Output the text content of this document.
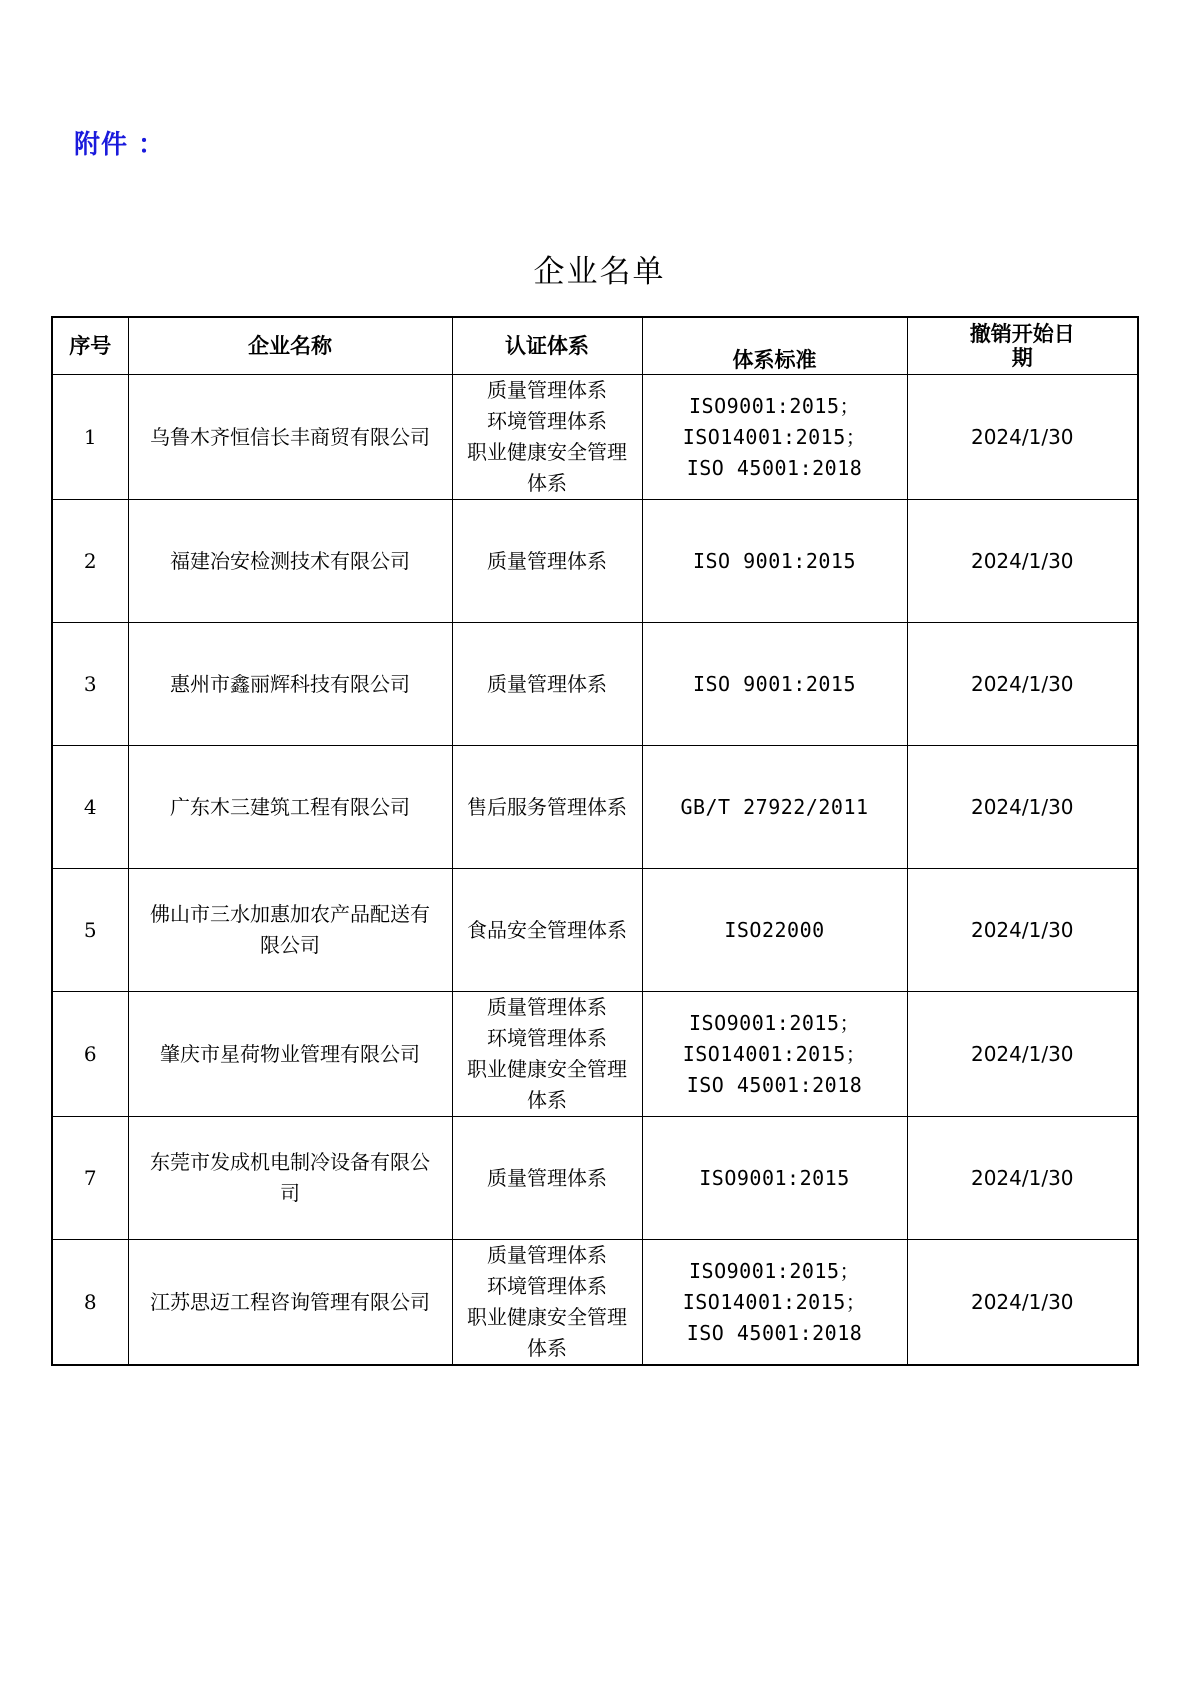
附件 ：
企业名单
序号	企业名称	认证体系	体系标准	撤销开始日期
1	乌鲁木齐恒信长丰商贸有限公司	质量管理体系
环境管理体系
职业健康安全管理
体系	ISO9001:2015；
ISO14001:2015；
ISO 45001:2018	2024/1/30
2	福建冶安检测技术有限公司	质量管理体系	ISO 9001:2015	2024/1/30
3	惠州市鑫丽辉科技有限公司	质量管理体系	ISO 9001:2015	2024/1/30
4	广东木三建筑工程有限公司	售后服务管理体系	GB/T 27922/2011	2024/1/30
5	佛山市三水加惠加农产品配送有限公司	食品安全管理体系	ISO22000	2024/1/30
6	肇庆市星荷物业管理有限公司	质量管理体系
环境管理体系
职业健康安全管理
体系	ISO9001:2015；
ISO14001:2015；
ISO 45001:2018	2024/1/30
7	东莞市发成机电制冷设备有限公司	质量管理体系	ISO9001:2015	2024/1/30
8	江苏思迈工程咨询管理有限公司	质量管理体系
环境管理体系
职业健康安全管理
体系	ISO9001:2015；
ISO14001:2015；
ISO 45001:2018	2024/1/30
